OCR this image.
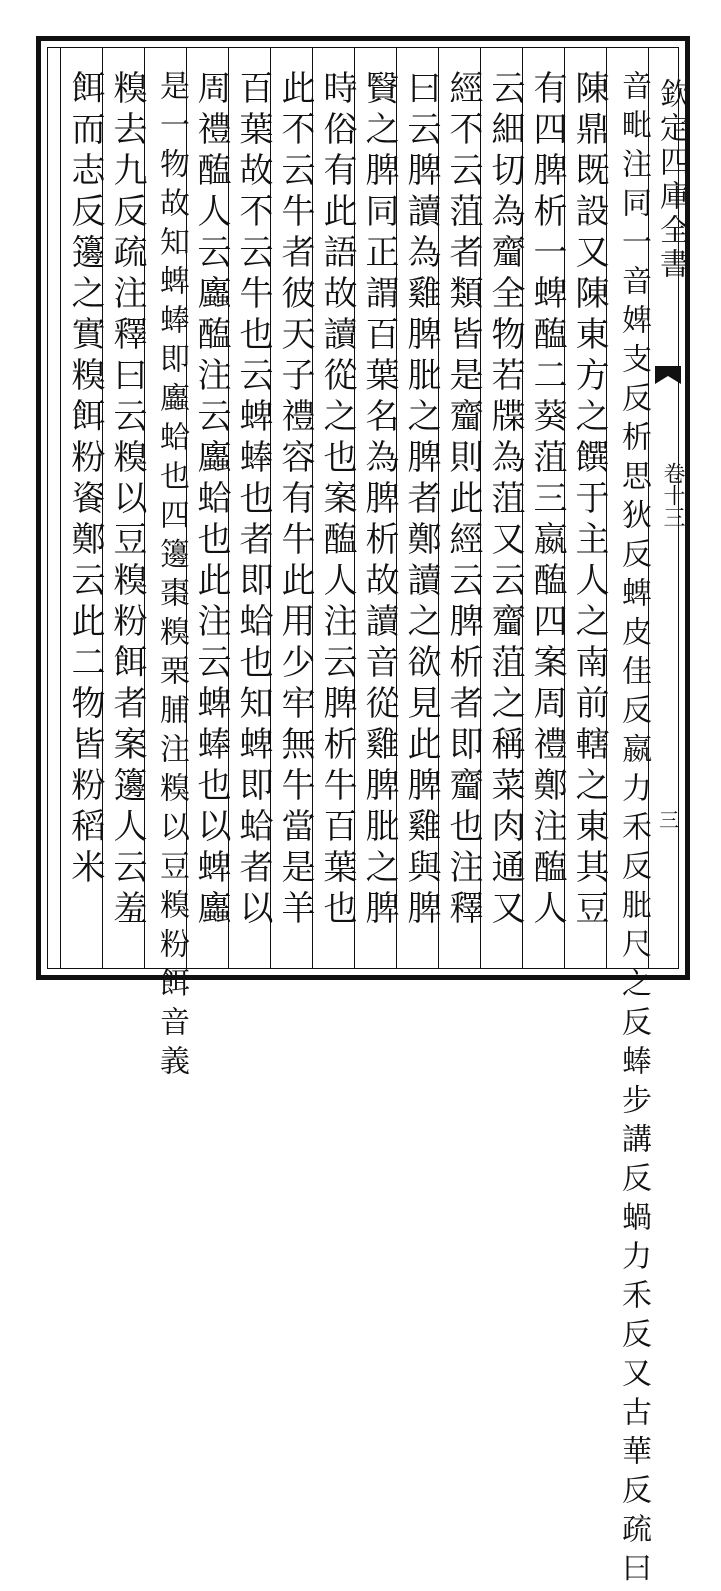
欽定四庫全書
卷十三
三
音毗注同一音婢支反析思狄反蜱皮佳反嬴力禾反肶尺之反蜯步講反蝸力禾反又古華反疏曰
陳鼎既設又陳東方之饌于主人之南前轄之東其豆
有四脾析一蜱醢二葵菹三嬴醢四案周禮鄭注醢人
云細切為齏全物若牒為菹又云齏菹之稱菜肉通又
經不云菹者類皆是齏則此經云脾析者即齏也注釋
曰云脾讀為雞脾肶之脾者鄭讀之欲見此脾雞與脾
贀之脾同正謂百葉名為脾析故讀音從雞脾肶之脾
時俗有此語故讀從之也案醢人注云脾析牛百葉也
此不云牛者彼天子禮容有牛此用少牢無牛當是羊
百葉故不云牛也云蜱蜯也者即蛤也知蜱即蛤者以
周禮醢人云蠯醢注云蠯蛤也此注云蜱蜯也以蜱蠯
是一物故知蜱蜯即蠯蛤也四籩棗糗栗脯注糗以豆糗粉餌音義
糗去九反疏注釋曰云糗以豆糗粉餌者案籩人云羞
餌而志反籩之實糗餌粉餈鄭云此二物皆粉稻米
